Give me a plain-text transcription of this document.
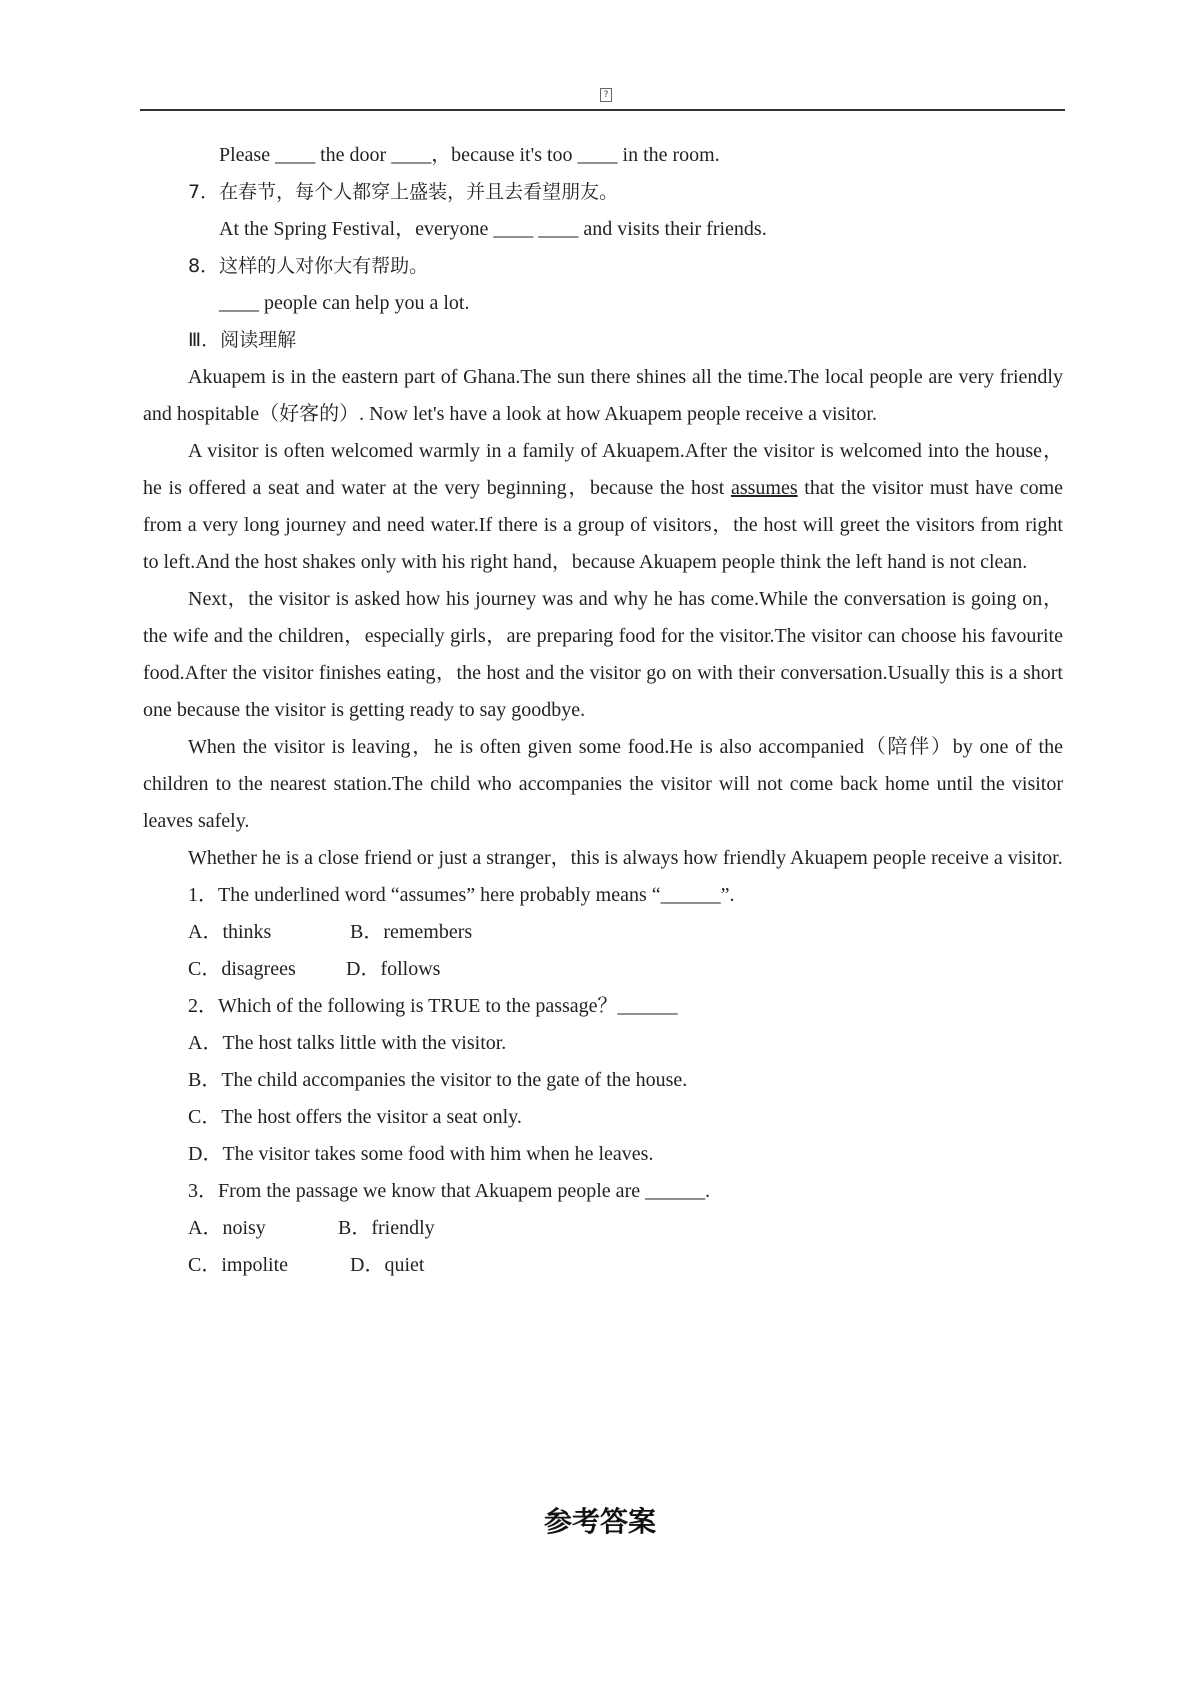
?
Please ____ the door ____，because it's too ____ in the room.
7．在春节，每个人都穿上盛装，并且去看望朋友。
At the Spring Festival，everyone ____ ____ and visits their friends.
8．这样的人对你大有帮助。
____ people can help you a lot.
Ⅲ．阅读理解

Akuapem is in the eastern part of Ghana.The sun there shines all the time.The local people are very friendly and hospitable（好客的）. Now let's have a look at how Akuapem people receive a visitor.

A visitor is often welcomed warmly in a family of Akuapem.After the visitor is welcomed into the house，he is offered a seat and water at the very beginning，because the host assumes that the visitor must have come from a very long journey and need water.If there is a group of visitors，the host will greet the visitors from right to left.And the host shakes only with his right hand，because Akuapem people think the left hand is not clean.

Next，the visitor is asked how his journey was and why he has come.While the conversation is going on，the wife and the children，especially girls，are preparing food for the visitor.The visitor can choose his favourite food.After the visitor finishes eating，the host and the visitor go on with their conversation.Usually this is a short one because the visitor is getting ready to say goodbye.

When the visitor is leaving，he is often given some food.He is also accompanied（陪伴）by one of the children to the nearest station.The child who accompanies the visitor will not come back home until the visitor leaves safely.

Whether he is a close friend or just a stranger，this is always how friendly Akuapem people receive a visitor.

1．The underlined word “assumes” here probably means “______”.
A．thinks	B．remembers
C．disagrees	D．follows
2．Which of the following is TRUE to the passage？______
A．The host talks little with the visitor.
B．The child accompanies the visitor to the gate of the house.
C．The host offers the visitor a seat only.
D．The visitor takes some food with him when he leaves.
3．From the passage we know that Akuapem people are ______.
A．noisy	B．friendly
C．impolite	D．quiet
参考答案
